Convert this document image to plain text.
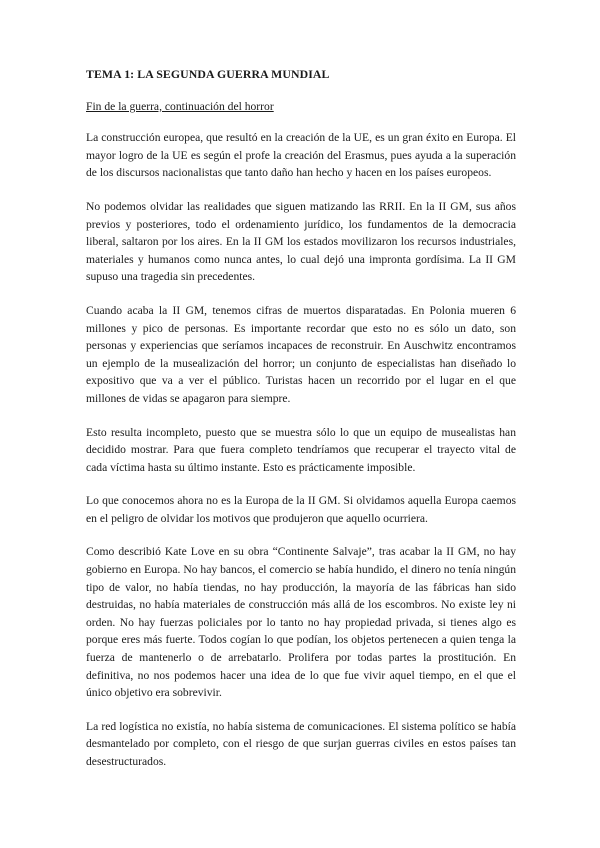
TEMA 1: LA SEGUNDA GUERRA MUNDIAL

Fin de la guerra, continuación del horror

La construcción europea, que resultó en la creación de la UE, es un gran éxito en Europa. El mayor logro de la UE es según el profe la creación del Erasmus, pues ayuda a la superación de los discursos nacionalistas que tanto daño han hecho y hacen en los países europeos.

No podemos olvidar las realidades que siguen matizando las RRII. En la II GM, sus años previos y posteriores, todo el ordenamiento jurídico, los fundamentos de la democracia liberal, saltaron por los aires. En la II GM los estados movilizaron los recursos industriales, materiales y humanos como nunca antes, lo cual dejó una impronta gordísima. La II GM supuso una tragedia sin precedentes.

Cuando acaba la II GM, tenemos cifras de muertos disparatadas. En Polonia mueren 6 millones y pico de personas. Es importante recordar que esto no es sólo un dato, son personas y experiencias que seríamos incapaces de reconstruir. En Auschwitz encontramos un ejemplo de la musealización del horror; un conjunto de especialistas han diseñado lo expositivo que va a ver el público. Turistas hacen un recorrido por el lugar en el que millones de vidas se apagaron para siempre.

Esto resulta incompleto, puesto que se muestra sólo lo que un equipo de musealistas han decidido mostrar. Para que fuera completo tendríamos que recuperar el trayecto vital de cada víctima hasta su último instante. Esto es prácticamente imposible.

Lo que conocemos ahora no es la Europa de la II GM. Si olvidamos aquella Europa caemos en el peligro de olvidar los motivos que produjeron que aquello ocurriera.

Como describió Kate Love en su obra “Continente Salvaje”, tras acabar la II GM, no hay gobierno en Europa. No hay bancos, el comercio se había hundido, el dinero no tenía ningún tipo de valor, no había tiendas, no hay producción, la mayoría de las fábricas han sido destruidas, no había materiales de construcción más allá de los escombros. No existe ley ni orden. No hay fuerzas policiales por lo tanto no hay propiedad privada, si tienes algo es porque eres más fuerte. Todos cogían lo que podían, los objetos pertenecen a quien tenga la fuerza de mantenerlo o de arrebatarlo. Prolifera por todas partes la prostitución. En definitiva, no nos podemos hacer una idea de lo que fue vivir aquel tiempo, en el que el único objetivo era sobrevivir.

La red logística no existía, no había sistema de comunicaciones. El sistema político se había desmantelado por completo, con el riesgo de que surjan guerras civiles en estos países tan desestructurados.
